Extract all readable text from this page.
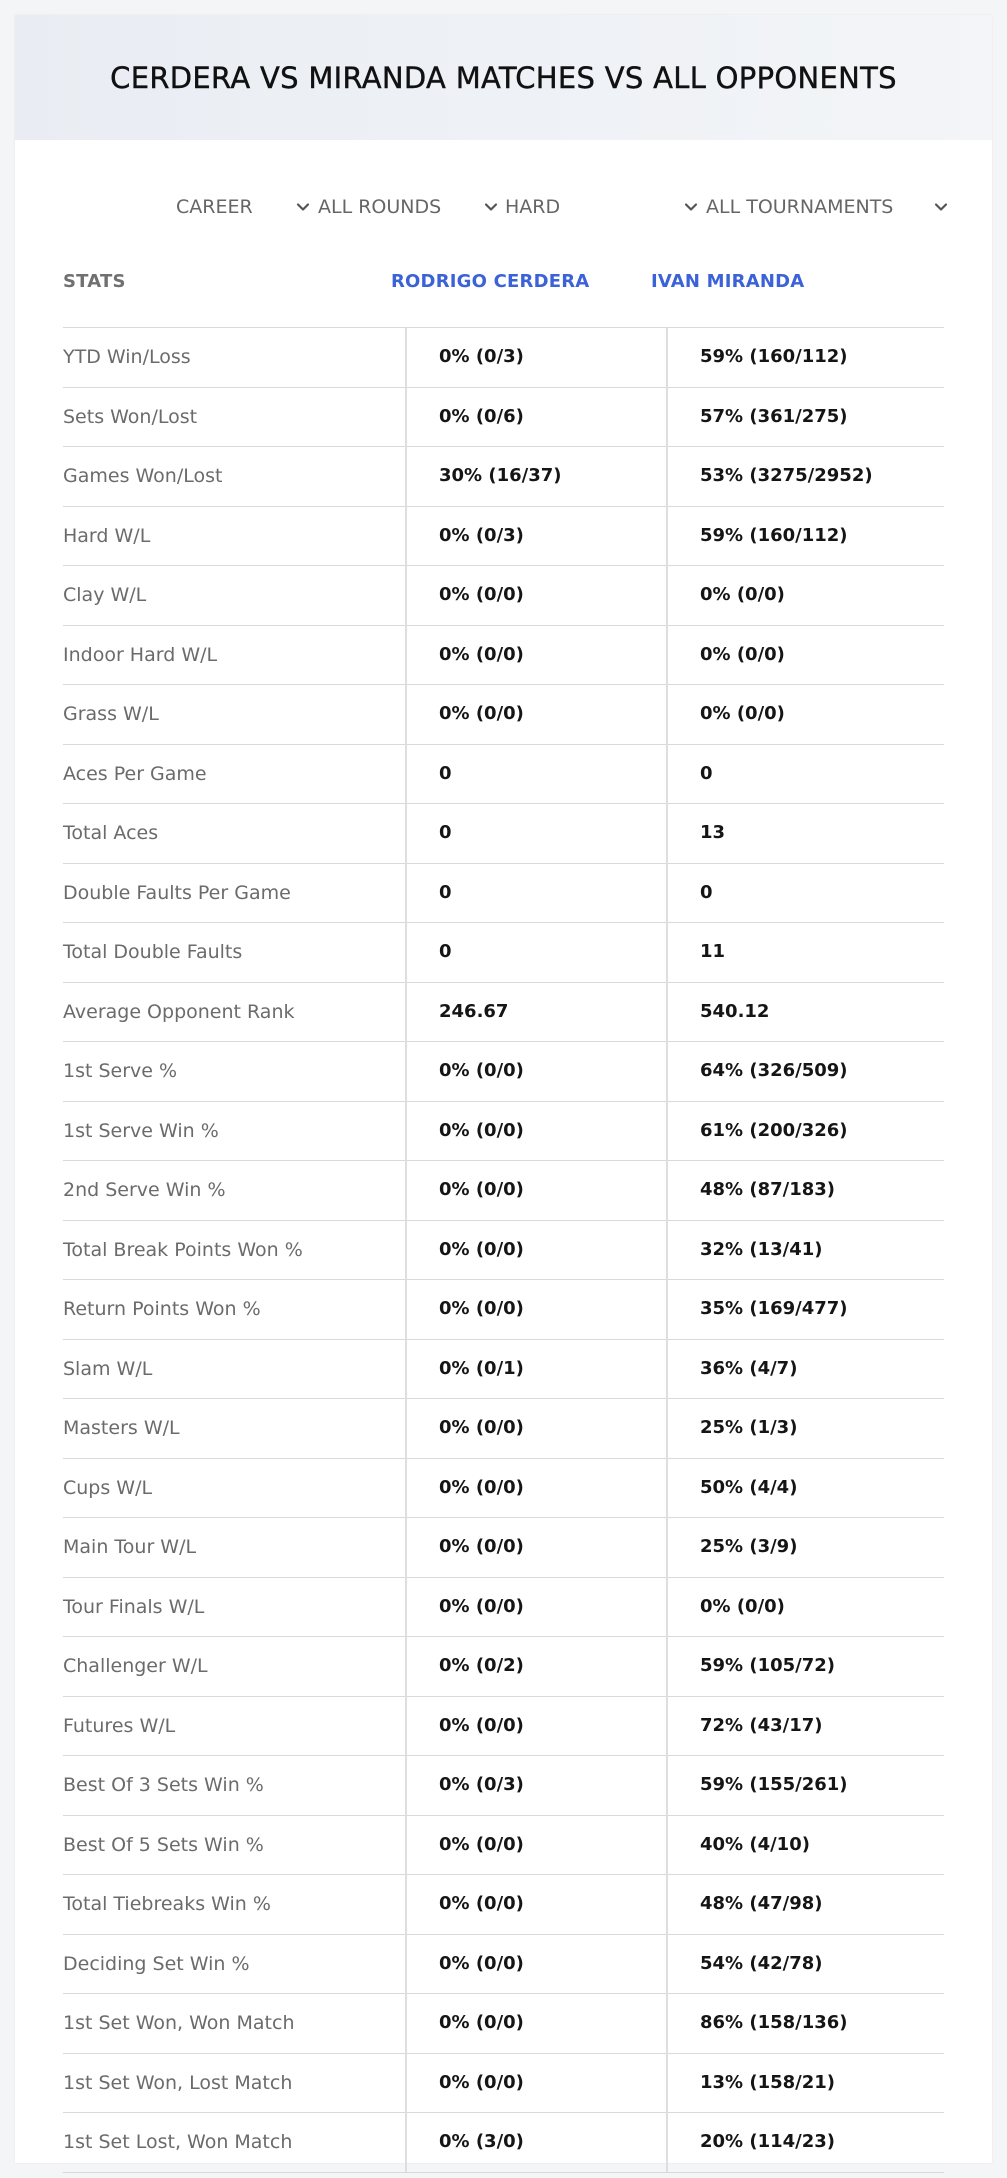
CERDERA VS MIRANDA MATCHES VS ALL OPPONENTS
CAREER	ALL ROUNDS	HARD	ALL TOURNAMENTS
STATS	RODRIGO CERDERA	IVAN MIRANDA
YTD Win/Loss	0% (0/3)	59% (160/112)
Sets Won/Lost	0% (0/6)	57% (361/275)
Games Won/Lost	30% (16/37)	53% (3275/2952)
Hard W/L	0% (0/3)	59% (160/112)
Clay W/L	0% (0/0)	0% (0/0)
Indoor Hard W/L	0% (0/0)	0% (0/0)
Grass W/L	0% (0/0)	0% (0/0)
Aces Per Game	0	0
Total Aces	0	13
Double Faults Per Game	0	0
Total Double Faults	0	11
Average Opponent Rank	246.67	540.12
1st Serve %	0% (0/0)	64% (326/509)
1st Serve Win %	0% (0/0)	61% (200/326)
2nd Serve Win %	0% (0/0)	48% (87/183)
Total Break Points Won %	0% (0/0)	32% (13/41)
Return Points Won %	0% (0/0)	35% (169/477)
Slam W/L	0% (0/1)	36% (4/7)
Masters W/L	0% (0/0)	25% (1/3)
Cups W/L	0% (0/0)	50% (4/4)
Main Tour W/L	0% (0/0)	25% (3/9)
Tour Finals W/L	0% (0/0)	0% (0/0)
Challenger W/L	0% (0/2)	59% (105/72)
Futures W/L	0% (0/0)	72% (43/17)
Best Of 3 Sets Win %	0% (0/3)	59% (155/261)
Best Of 5 Sets Win %	0% (0/0)	40% (4/10)
Total Tiebreaks Win %	0% (0/0)	48% (47/98)
Deciding Set Win %	0% (0/0)	54% (42/78)
1st Set Won, Won Match	0% (0/0)	86% (158/136)
1st Set Won, Lost Match	0% (0/0)	13% (158/21)
1st Set Lost, Won Match	0% (3/0)	20% (114/23)
